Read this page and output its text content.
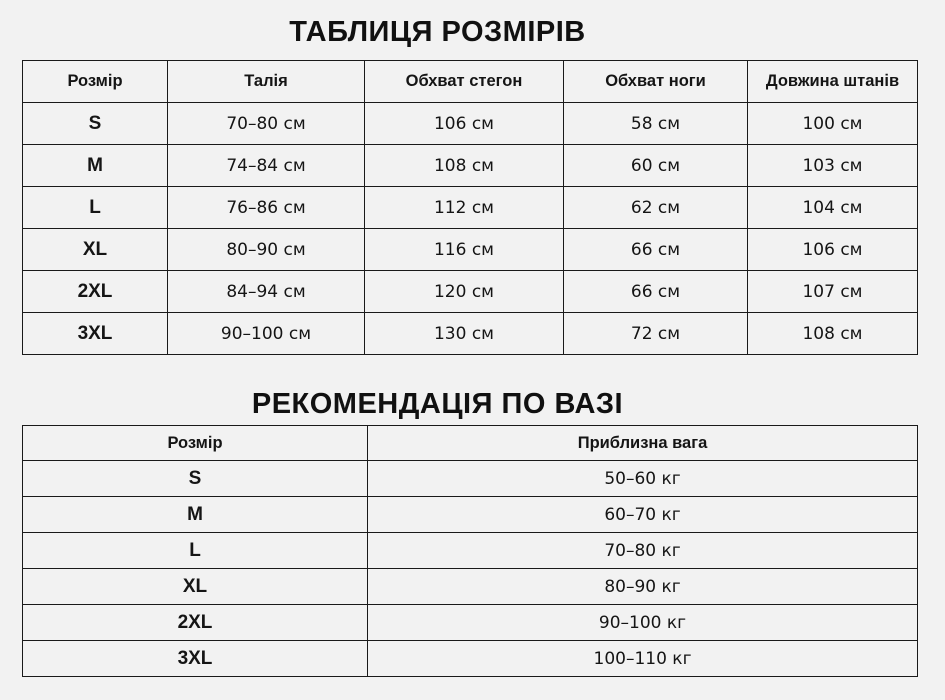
ТАБЛИЦЯ РОЗМІРІВ
Розмір	Талія	Обхват стегон	Обхват ноги	Довжина штанів
S	70–80 см	106 см	58 см	100 см
M	74–84 см	108 см	60 см	103 см
L	76–86 см	112 см	62 см	104 см
XL	80–90 см	116 см	66 см	106 см
2XL	84–94 см	120 см	66 см	107 см
3XL	90–100 см	130 см	72 см	108 см
РЕКОМЕНДАЦІЯ ПО ВАЗІ
Розмір	Приблизна вага
S	50–60 кг
M	60–70 кг
L	70–80 кг
XL	80–90 кг
2XL	90–100 кг
3XL	100–110 кг
